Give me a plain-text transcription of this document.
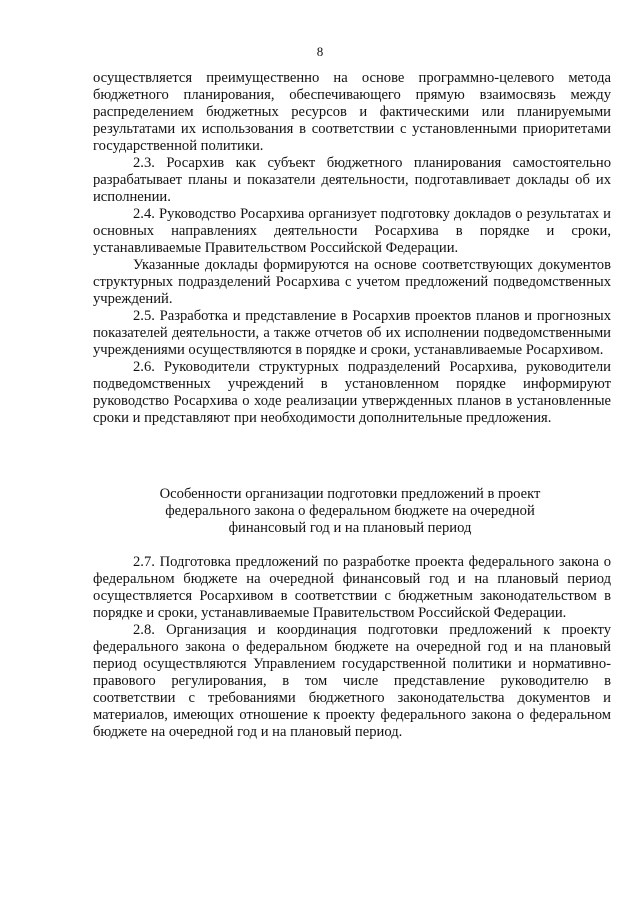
8

осуществляется преимущественно на основе программно-целевого метода бюджетного планирования, обеспечивающего прямую взаимосвязь между распределением бюджетных ресурсов и фактическими или планируемыми результатами их использования в соответствии с установленными приоритетами государственной политики.

2.3. Росархив как субъект бюджетного планирования самостоятельно разрабатывает планы и показатели деятельности, подготавливает доклады об их исполнении.

2.4. Руководство Росархива организует подготовку докладов о результатах и основных направлениях деятельности Росархива в порядке и сроки, устанавливаемые Правительством Российской Федерации.

Указанные доклады формируются на основе соответствующих документов структурных подразделений Росархива с учетом предложений подведомственных учреждений.

2.5. Разработка и представление в Росархив проектов планов и прогнозных показателей деятельности, а также отчетов об их исполнении подведомственными учреждениями осуществляются в порядке и сроки, устанавливаемые Росархивом.

2.6. Руководители структурных подразделений Росархива, руководители подведомственных учреждений в установленном порядке информируют руководство Росархива о ходе реализации утвержденных планов в установленные сроки и представляют при необходимости дополнительные предложения.

Особенности организации подготовки предложений в проект
федерального закона о федеральном бюджете на очередной
финансовый год и на плановый период

2.7. Подготовка предложений по разработке проекта федерального закона о федеральном бюджете на очередной финансовый год и на плановый период осуществляется Росархивом в соответствии с бюджетным законодательством в порядке и сроки, устанавливаемые Правительством Российской Федерации.

2.8. Организация и координация подготовки предложений к проекту федерального закона о федеральном бюджете на очередной год и на плановый период осуществляются Управлением государственной политики и нормативно-правового регулирования, в том числе представление руководителю в соответствии с требованиями бюджетного законодательства документов и материалов, имеющих отношение к проекту федерального закона о федеральном бюджете на очередной год и на плановый период.
